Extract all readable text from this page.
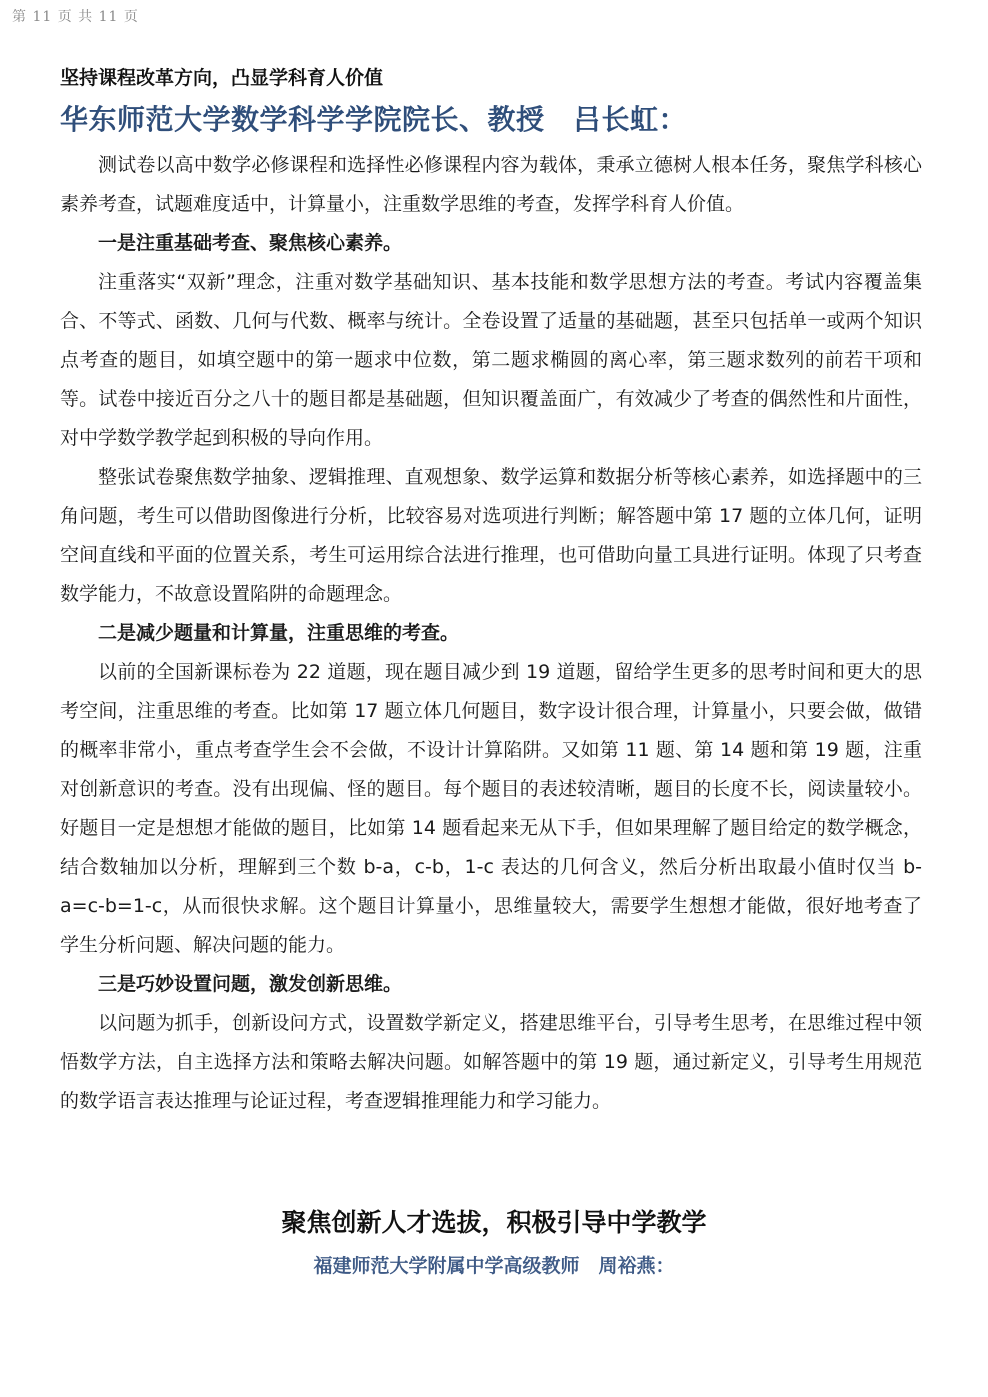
第 11 页 共 11 页
坚持课程改革方向，凸显学科育人价值
华东师范大学数学科学学院院长、教授　吕长虹：

测试卷以高中数学必修课程和选择性必修课程内容为载体，秉承立德树人根本任务，聚焦学科核心素养考查，试题难度适中，计算量小，注重数学思维的考查，发挥学科育人价值。

一是注重基础考查、聚焦核心素养。

注重落实“双新”理念，注重对数学基础知识、基本技能和数学思想方法的考查。考试内容覆盖集合、不等式、函数、几何与代数、概率与统计。全卷设置了适量的基础题，甚至只包括单一或两个知识点考查的题目，如填空题中的第一题求中位数，第二题求椭圆的离心率，第三题求数列的前若干项和等。试卷中接近百分之八十的题目都是基础题，但知识覆盖面广，有效减少了考查的偶然性和片面性，对中学数学教学起到积极的导向作用。

整张试卷聚焦数学抽象、逻辑推理、直观想象、数学运算和数据分析等核心素养，如选择题中的三角问题，考生可以借助图像进行分析，比较容易对选项进行判断；解答题中第 17 题的立体几何，证明空间直线和平面的位置关系，考生可运用综合法进行推理，也可借助向量工具进行证明。体现了只考查数学能力，不故意设置陷阱的命题理念。

二是减少题量和计算量，注重思维的考查。

以前的全国新课标卷为 22 道题，现在题目减少到 19 道题，留给学生更多的思考时间和更大的思考空间，注重思维的考查。比如第 17 题立体几何题目，数字设计很合理，计算量小，只要会做，做错的概率非常小，重点考查学生会不会做，不设计计算陷阱。又如第 11 题、第 14 题和第 19 题，注重对创新意识的考查。没有出现偏、怪的题目。每个题目的表述较清晰，题目的长度不长，阅读量较小。好题目一定是想想才能做的题目，比如第 14 题看起来无从下手，但如果理解了题目给定的数学概念，结合数轴加以分析，理解到三个数 b-a，c-b，1-c 表达的几何含义，然后分析出取最小值时仅当 b-a=c-b=1-c，从而很快求解。这个题目计算量小，思维量较大，需要学生想想才能做，很好地考查了学生分析问题、解决问题的能力。

三是巧妙设置问题，激发创新思维。

以问题为抓手，创新设问方式，设置数学新定义，搭建思维平台，引导考生思考，在思维过程中领悟数学方法，自主选择方法和策略去解决问题。如解答题中的第 19 题，通过新定义，引导考生用规范的数学语言表达推理与论证过程，考查逻辑推理能力和学习能力。

聚焦创新人才选拔，积极引导中学教学
福建师范大学附属中学高级教师　周裕燕：
